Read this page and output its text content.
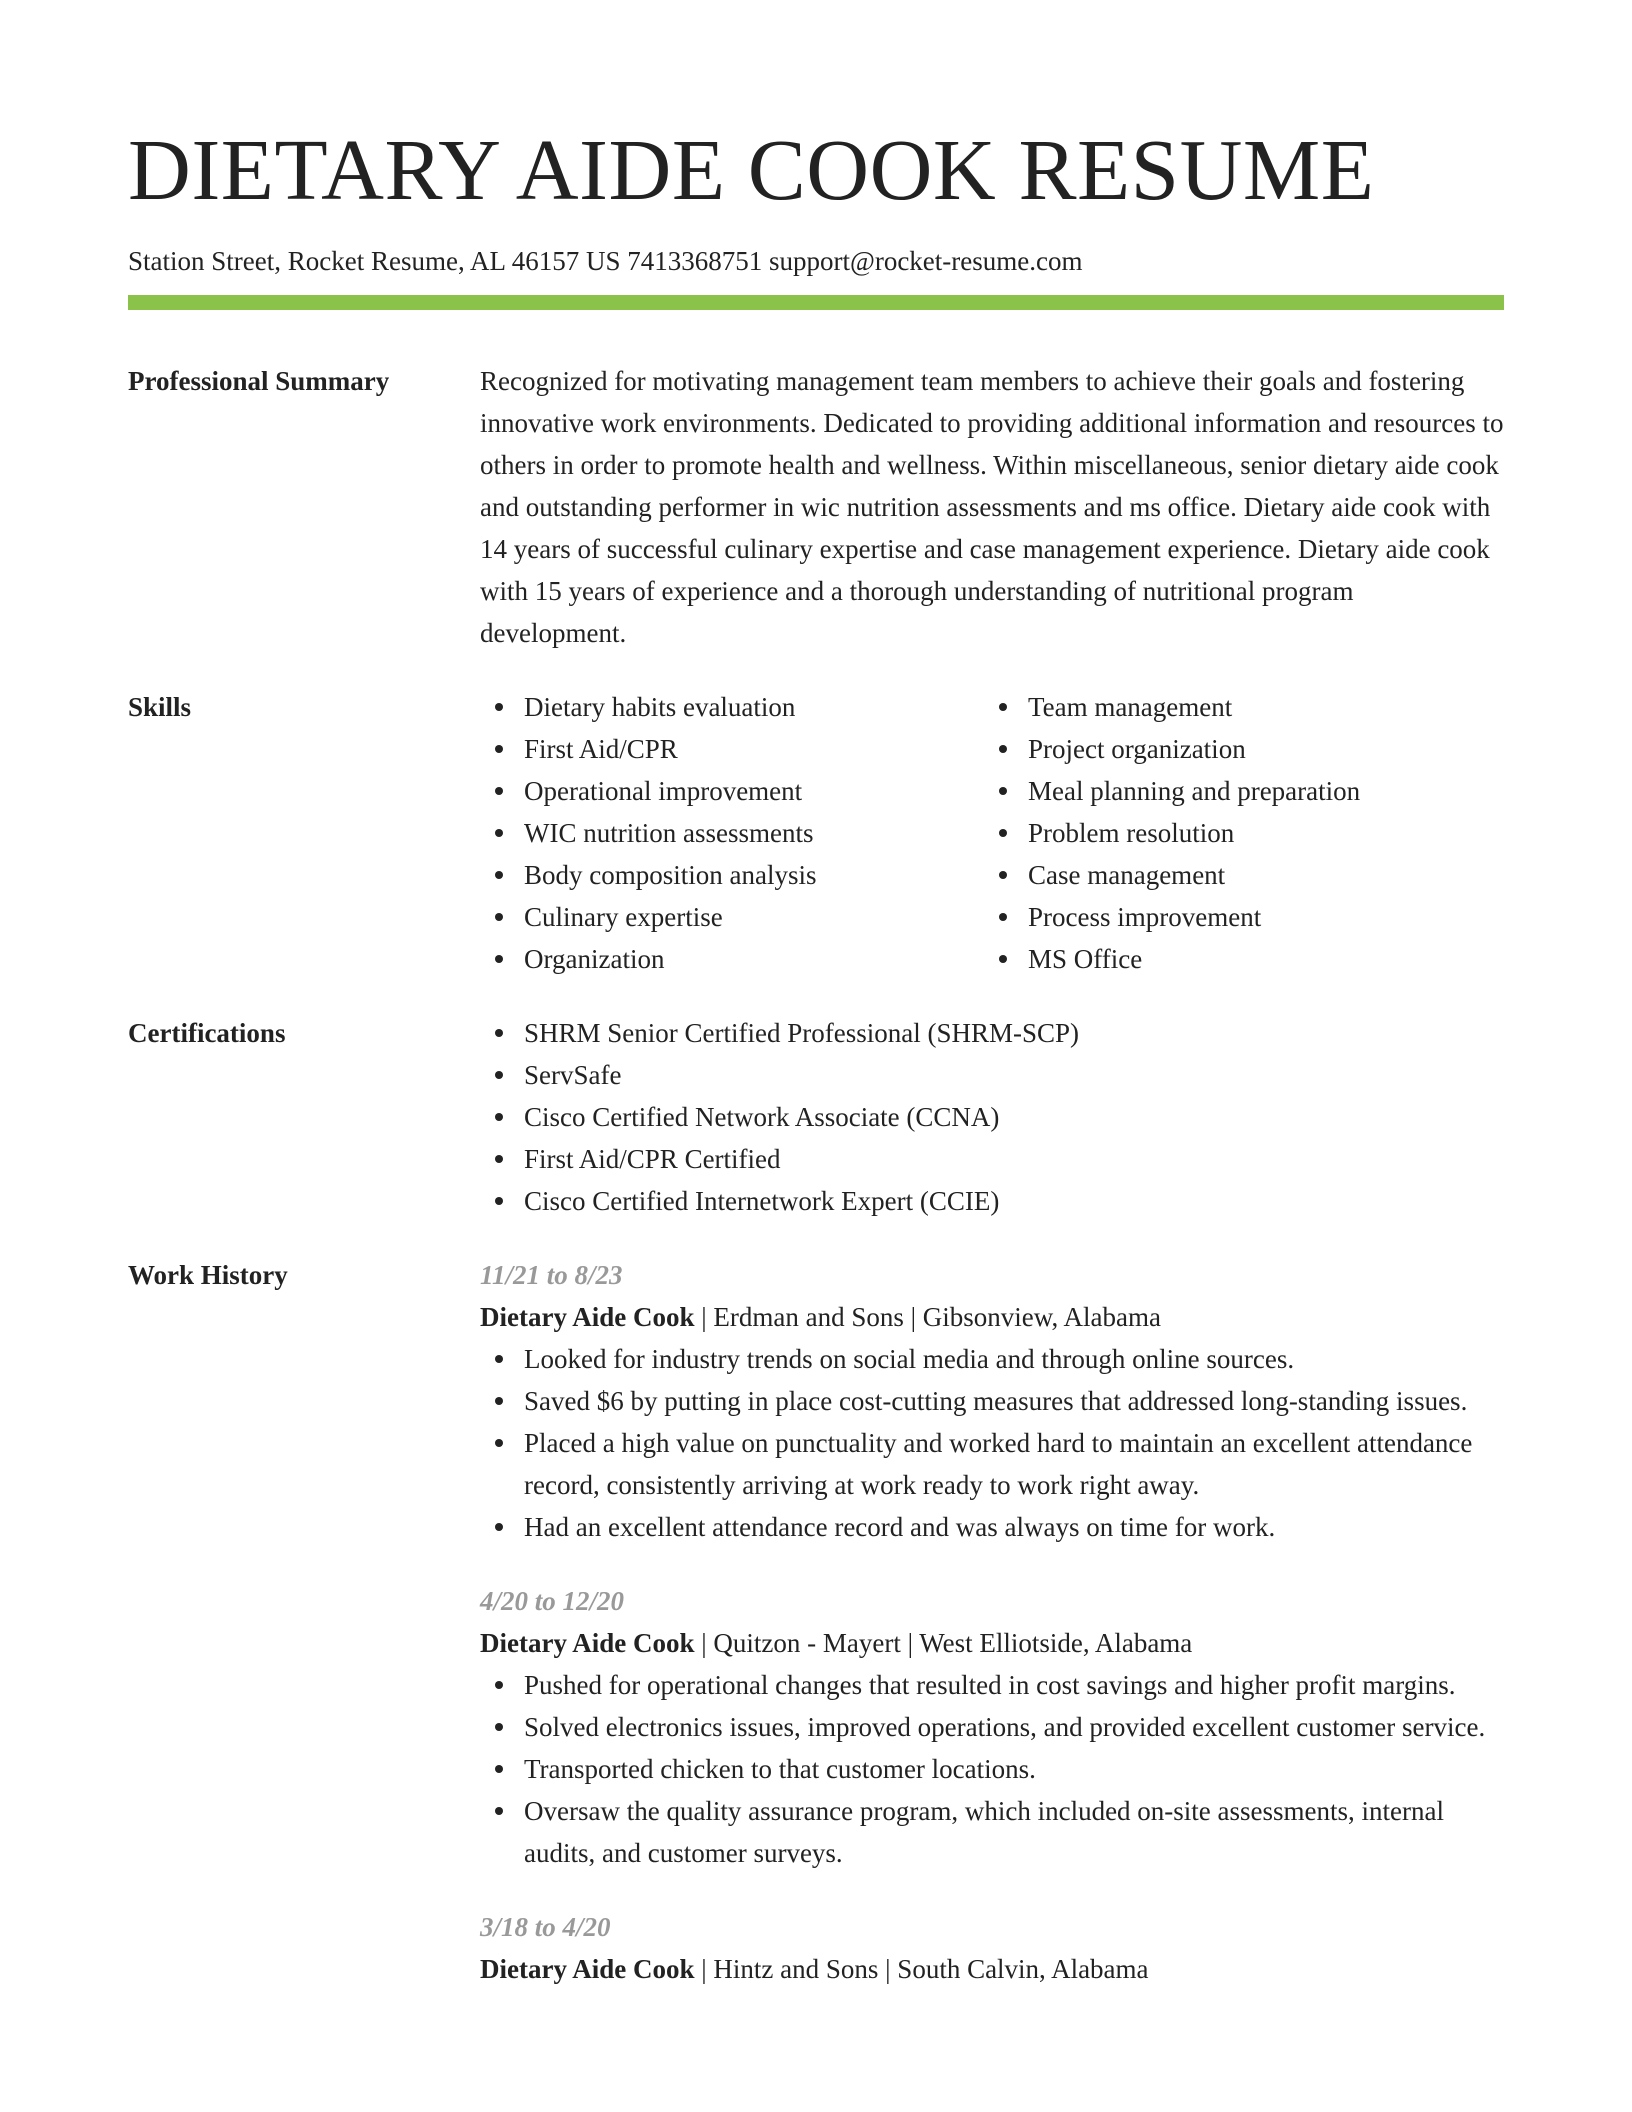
DIETARY AIDE COOK RESUME
Station Street, Rocket Resume, AL 46157 US 7413368751 support@rocket-resume.com
Professional Summary	Recognized for motivating management team members to achieve their goals and fostering innovative work environments. Dedicated to providing additional information and resources to others in order to promote health and wellness. Within miscellaneous, senior dietary aide cook and outstanding performer in wic nutrition assessments and ms office. Dietary aide cook with 14 years of successful culinary expertise and case management experience. Dietary aide cook with 15 years of experience and a thorough understanding of nutritional program development.

Skills	Dietary habits evaluation
First Aid/CPR
Operational improvement
WIC nutrition assessments
Body composition analysis
Culinary expertise
Organization
Team management
Project organization
Meal planning and preparation
Problem resolution
Case management
Process improvement
MS Office
Certifications	SHRM Senior Certified Professional (SHRM-SCP)
ServSafe
Cisco Certified Network Associate (CCNA)
First Aid/CPR Certified
Cisco Certified Internetwork Expert (CCIE)
Work History	11/21 to 8/23
Dietary Aide Cook | Erdman and Sons | Gibsonview, Alabama
Looked for industry trends on social media and through online sources.
Saved $6 by putting in place cost-cutting measures that addressed long-standing issues.
Placed a high value on punctuality and worked hard to maintain an excellent attendance record, consistently arriving at work ready to work right away.
Had an excellent attendance record and was always on time for work.
4/20 to 12/20
Dietary Aide Cook | Quitzon - Mayert | West Elliotside, Alabama
Pushed for operational changes that resulted in cost savings and higher profit margins.
Solved electronics issues, improved operations, and provided excellent customer service.
Transported chicken to that customer locations.
Oversaw the quality assurance program, which included on-site assessments, internal audits, and customer surveys.
3/18 to 4/20
Dietary Aide Cook | Hintz and Sons | South Calvin, Alabama
